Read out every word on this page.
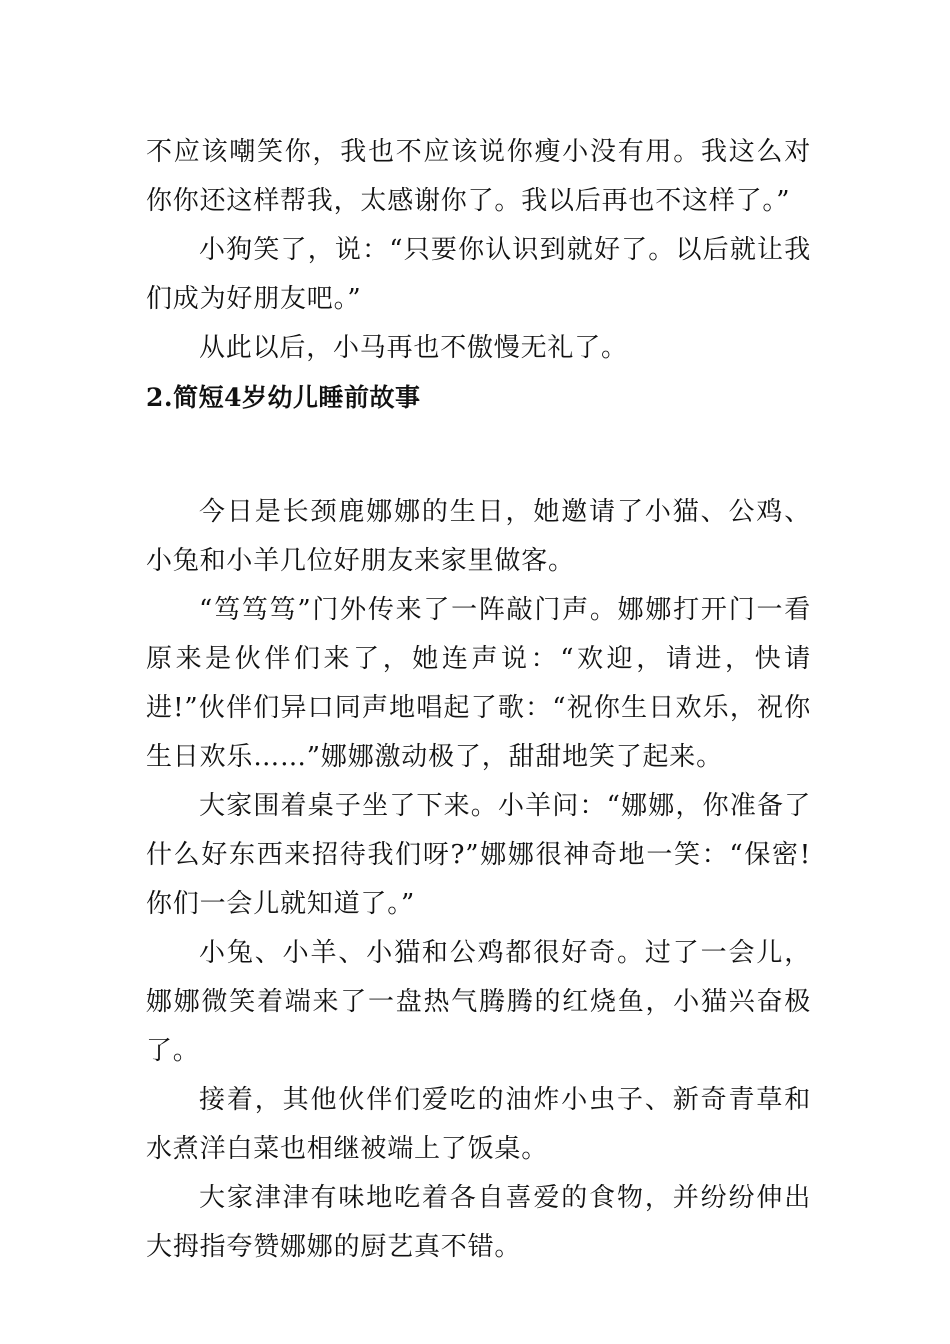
不应该嘲笑你，我也不应该说你瘦小没有用。我这么对你你还这样帮我，太感谢你了。我以后再也不这样了。”

小狗笑了，说：“只要你认识到就好了。以后就让我们成为好朋友吧。”

从此以后，小马再也不傲慢无礼了。

2.简短4岁幼儿睡前故事

今日是长颈鹿娜娜的生日，她邀请了小猫、公鸡、小兔和小羊几位好朋友来家里做客。

“笃笃笃”门外传来了一阵敲门声。娜娜打开门一看原来是伙伴们来了，她连声说：“欢迎，请进，快请进!”伙伴们异口同声地唱起了歌：“祝你生日欢乐，祝你生日欢乐……”娜娜激动极了，甜甜地笑了起来。

大家围着桌子坐了下来。小羊问：“娜娜，你准备了什么好东西来招待我们呀?”娜娜很神奇地一笑：“保密!你们一会儿就知道了。”

小兔、小羊、小猫和公鸡都很好奇。过了一会儿，娜娜微笑着端来了一盘热气腾腾的红烧鱼，小猫兴奋极了。

接着，其他伙伴们爱吃的油炸小虫子、新奇青草和水煮洋白菜也相继被端上了饭桌。

大家津津有味地吃着各自喜爱的食物，并纷纷伸出大拇指夸赞娜娜的厨艺真不错。
